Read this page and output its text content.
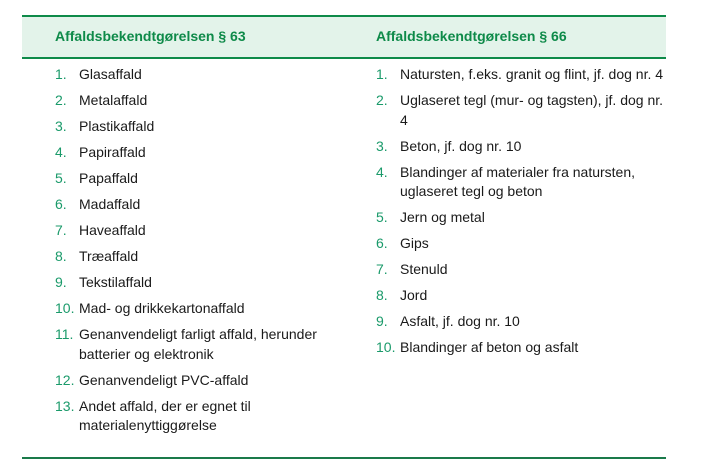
Affaldsbekendtgørelsen § 63	Affaldsbekendtgørelsen § 66
1. Glasaffald
2. Metalaffald
3. Plastikaffald
4. Papiraffald
5. Papaffald
6. Madaffald
7. Haveaffald
8. Træaffald
9. Tekstilaffald
10. Mad- og drikkekartonaffald
11. Genanvendeligt farligt affald, herunder batterier og elektronik
12. Genanvendeligt PVC-affald
13. Andet affald, der er egnet til materialenyttiggørelse
1. Natursten, f.eks. granit og flint, jf. dog nr. 4
2. Uglaseret tegl (mur- og tagsten), jf. dog nr. 4
3. Beton, jf. dog nr. 10
4. Blandinger af materialer fra natursten, uglaseret tegl og beton
5. Jern og metal
6. Gips
7. Stenuld
8. Jord
9. Asfalt, jf. dog nr. 10
10. Blandinger af beton og asfalt
